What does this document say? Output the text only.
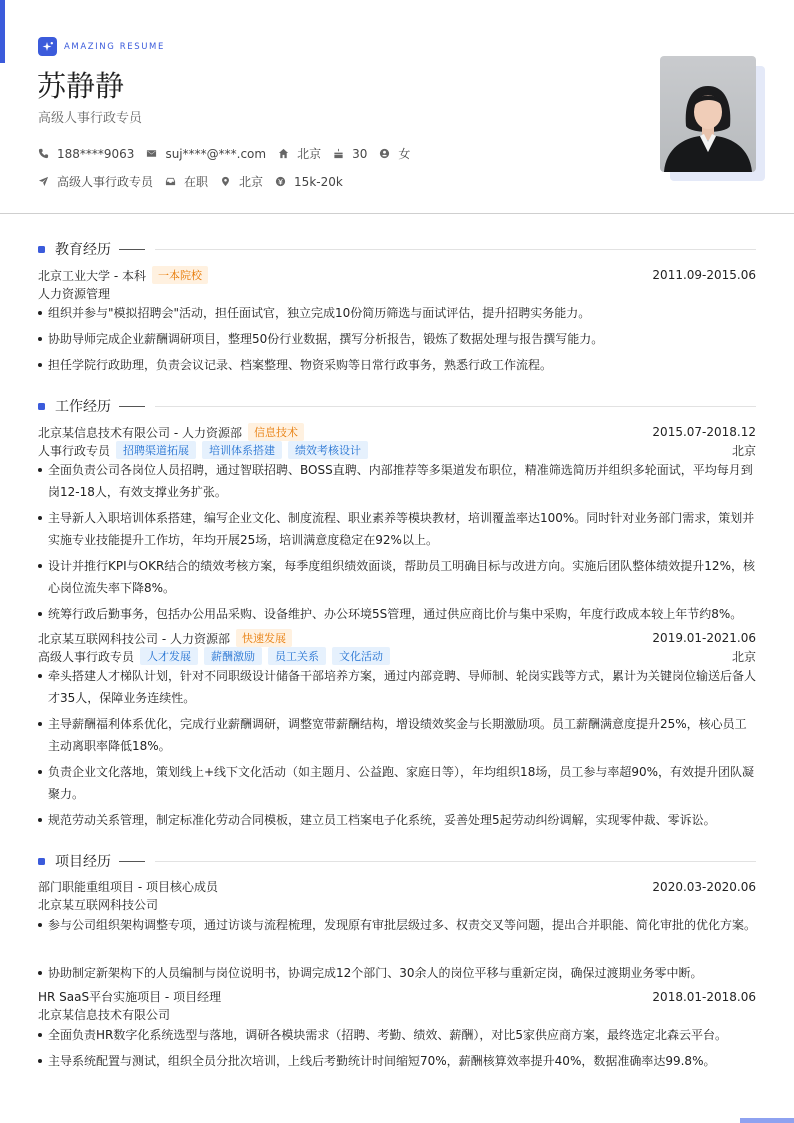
AMAZING RESUME
苏静静
高级人事行政专员
188****9063	suj****@***.com	北京	30	女
高级人事行政专员	在职	北京	15k-20k
教育经历
北京工业大学 - 本科	一本院校	2011.09-2015.06
人力资源管理
组织并参与"模拟招聘会"活动，担任面试官，独立完成10份简历筛选与面试评估，提升招聘实务能力。
协助导师完成企业薪酬调研项目，整理50份行业数据，撰写分析报告，锻炼了数据处理与报告撰写能力。
担任学院行政助理，负责会议记录、档案整理、物资采购等日常行政事务，熟悉行政工作流程。
工作经历
北京某信息技术有限公司 - 人力资源部	信息技术	2015.07-2018.12
人事行政专员	招聘渠道拓展	培训体系搭建	绩效考核设计	北京
全面负责公司各岗位人员招聘，通过智联招聘、BOSS直聘、内部推荐等多渠道发布职位，精准筛选简历并组织多轮面试，平均每月到岗12-18人，有效支撑业务扩张。
主导新人入职培训体系搭建，编写企业文化、制度流程、职业素养等模块教材，培训覆盖率达100%。同时针对业务部门需求，策划并实施专业技能提升工作坊，年均开展25场，培训满意度稳定在92%以上。
设计并推行KPI与OKR结合的绩效考核方案，每季度组织绩效面谈，帮助员工明确目标与改进方向。实施后团队整体绩效提升12%，核心岗位流失率下降8%。
统筹行政后勤事务，包括办公用品采购、设备维护、办公环境5S管理，通过供应商比价与集中采购，年度行政成本较上年节约8%。
北京某互联网科技公司 - 人力资源部	快速发展	2019.01-2021.06
高级人事行政专员	人才发展	薪酬激励	员工关系	文化活动	北京
牵头搭建人才梯队计划，针对不同职级设计储备干部培养方案，通过内部竞聘、导师制、轮岗实践等方式，累计为关键岗位输送后备人才35人，保障业务连续性。
主导薪酬福利体系优化，完成行业薪酬调研，调整宽带薪酬结构，增设绩效奖金与长期激励项。员工薪酬满意度提升25%，核心员工主动离职率降低18%。
负责企业文化落地，策划线上+线下文化活动（如主题月、公益跑、家庭日等），年均组织18场，员工参与率超90%，有效提升团队凝聚力。
规范劳动关系管理，制定标准化劳动合同模板，建立员工档案电子化系统，妥善处理5起劳动纠纷调解，实现零仲裁、零诉讼。
项目经历
部门职能重组项目 - 项目核心成员	2020.03-2020.06
北京某互联网科技公司
参与公司组织架构调整专项，通过访谈与流程梳理，发现原有审批层级过多、权责交叉等问题，提出合并职能、简化审批的优化方案。
协助制定新架构下的人员编制与岗位说明书，协调完成12个部门、30余人的岗位平移与重新定岗，确保过渡期业务零中断。
HR SaaS平台实施项目 - 项目经理	2018.01-2018.06
北京某信息技术有限公司
全面负责HR数字化系统选型与落地，调研各模块需求（招聘、考勤、绩效、薪酬），对比5家供应商方案，最终选定北森云平台。
主导系统配置与测试，组织全员分批次培训，上线后考勤统计时间缩短70%，薪酬核算效率提升40%，数据准确率达99.8%。
